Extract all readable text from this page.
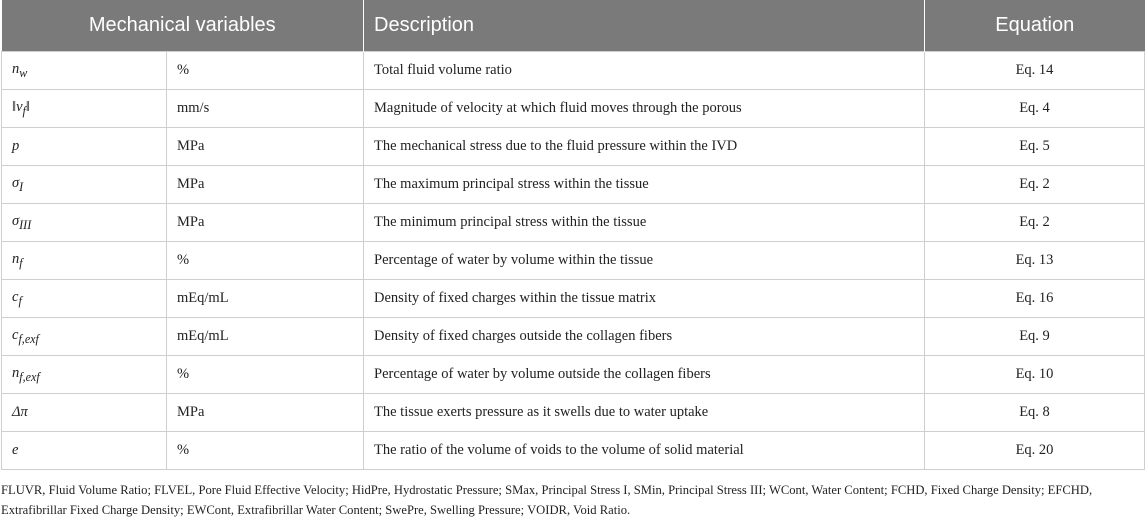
Mechanical variables		Description	Equation
$n_w$	%	Total fluid volume ratio	Eq. 14
$‖v_f‖$	mm/s	Magnitude of velocity at which fluid moves through the porous	Eq. 4
p	MPa	The mechanical stress due to the fluid pressure within the IVD	Eq. 5
$\sigma_I$	MPa	The maximum principal stress within the tissue	Eq. 2
$\sigma_{III}$	MPa	The minimum principal stress within the tissue	Eq. 2
$n_f$	%	Percentage of water by volume within the tissue	Eq. 13
$c_f$	mEq/mL	Density of fixed charges within the tissue matrix	Eq. 16
$c_{f,exf}$	mEq/mL	Density of fixed charges outside the collagen fibers	Eq. 9
$n_{f,exf}$	%	Percentage of water by volume outside the collagen fibers	Eq. 10
Δπ	MPa	The tissue exerts pressure as it swells due to water uptake	Eq. 8
e	%	The ratio of the volume of voids to the volume of solid material	Eq. 20

FLUVR, Fluid Volume Ratio; FLVEL, Pore Fluid Effective Velocity; HidPre, Hydrostatic Pressure; SMax, Principal Stress I, SMin, Principal Stress III; WCont, Water Content; FCHD, Fixed Charge Density; EFCHD, Extrafibrillar Fixed Charge Density; EWCont, Extrafibrillar Water Content; SwePre, Swelling Pressure; VOIDR, Void Ratio.
